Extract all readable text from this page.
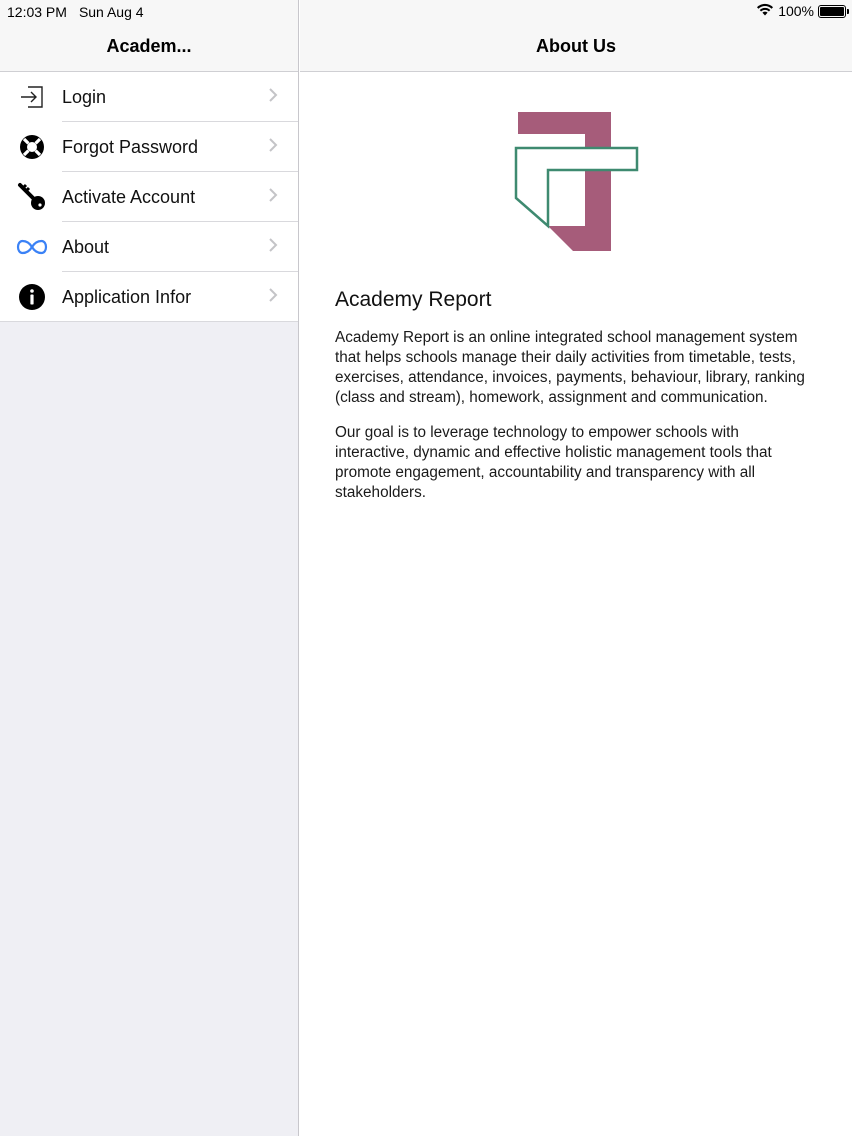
12:03 PM Sun Aug 4	100%
Academ...
Login
Forgot Password
Activate Account
About
Application Infor
About Us
Academy Report

Academy Report is an online integrated school management system that helps schools manage their daily activities from timetable, tests, exercises, attendance, invoices, payments, behaviour, library, ranking (class and stream), homework, assignment and communication.

Our goal is to leverage technology to empower schools with interactive, dynamic and effective holistic management tools that promote engagement, accountability and transparency with all stakeholders.
